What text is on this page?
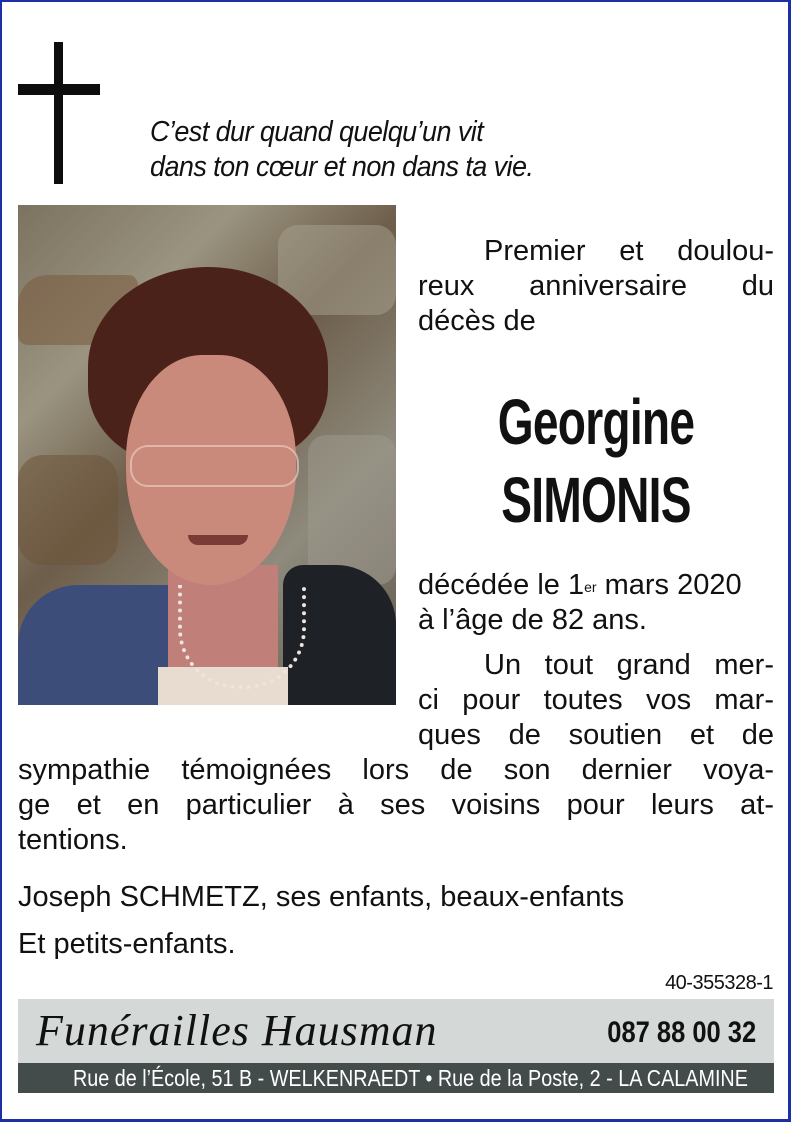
C’est dur quand quelqu’un vit
dans ton cœur et non dans ta vie.
Premier et doulou-
reux anniversaire du
décès de
Georgine
SIMONIS
décédée le 1er mars 2020
à l’âge de 82 ans.
Un tout grand mer-
ci pour toutes vos mar-
ques de soutien et de
sympathie témoignées lors de son dernier voya-
ge et en particulier à ses voisins pour leurs at-
tentions.
Joseph SCHMETZ, ses enfants, beaux-enfants
Et petits-enfants.
40-355328-1
Funérailles Hausman	087 88 00 32
Rue de l’École, 51 B - WELKENRAEDT • Rue de la Poste, 2 - LA CALAMINE
